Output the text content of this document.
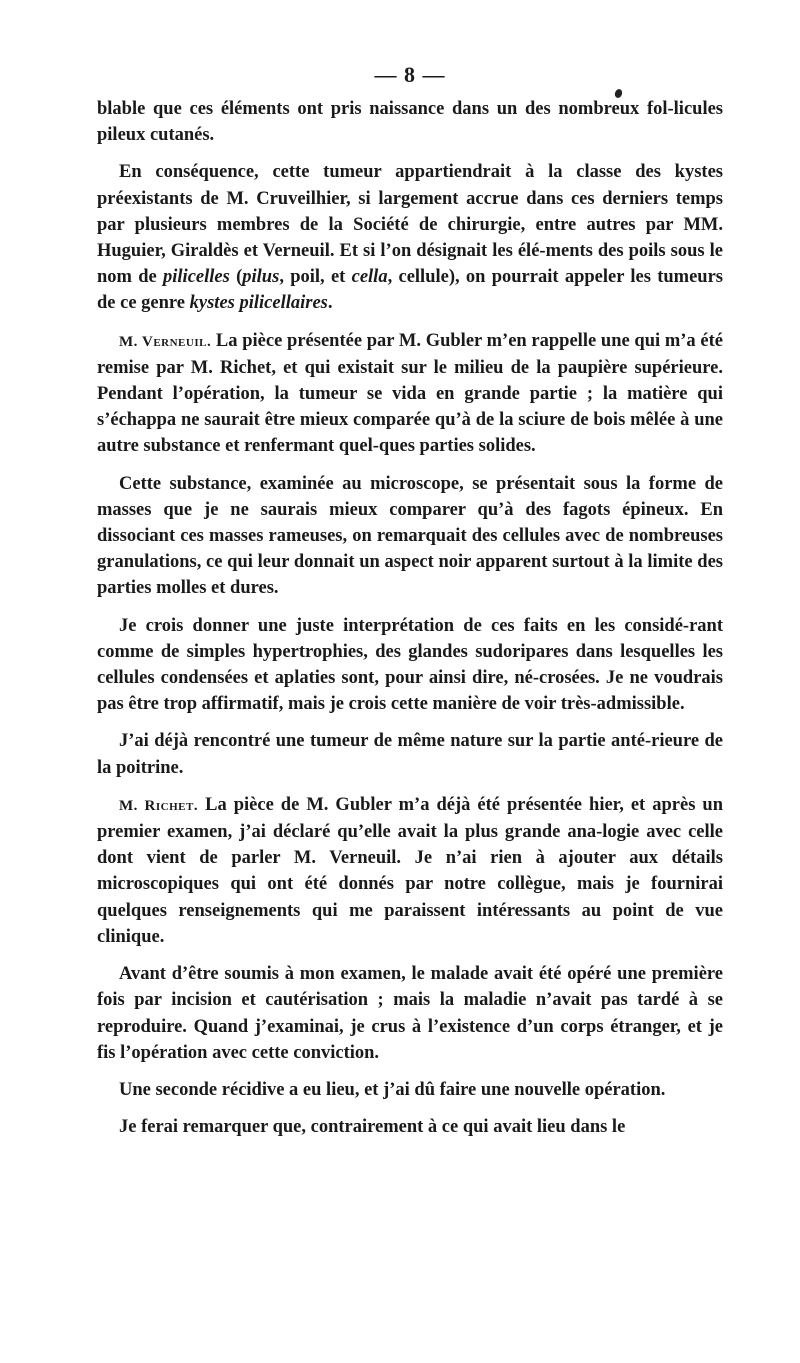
— 8 —

blable que ces éléments ont pris naissance dans un des nombreux fol-licules pileux cutanés.

En conséquence, cette tumeur appartiendrait à la classe des kystes préexistants de M. Cruveilhier, si largement accrue dans ces derniers temps par plusieurs membres de la Société de chirurgie, entre autres par MM. Huguier, Giraldès et Verneuil. Et si l’on désignait les élé-ments des poils sous le nom de pilicelles (pilus, poil, et cella, cellule), on pourrait appeler les tumeurs de ce genre kystes pilicellaires.

M. Verneuil. La pièce présentée par M. Gubler m’en rappelle une qui m’a été remise par M. Richet, et qui existait sur le milieu de la paupière supérieure. Pendant l’opération, la tumeur se vida en grande partie ; la matière qui s’échappa ne saurait être mieux comparée qu’à de la sciure de bois mêlée à une autre substance et renfermant quel-ques parties solides.

Cette substance, examinée au microscope, se présentait sous la forme de masses que je ne saurais mieux comparer qu’à des fagots épineux. En dissociant ces masses rameuses, on remarquait des cellules avec de nombreuses granulations, ce qui leur donnait un aspect noir apparent surtout à la limite des parties molles et dures.

Je crois donner une juste interprétation de ces faits en les considé-rant comme de simples hypertrophies, des glandes sudoripares dans lesquelles les cellules condensées et aplaties sont, pour ainsi dire, né-crosées. Je ne voudrais pas être trop affirmatif, mais je crois cette manière de voir très-admissible.

J’ai déjà rencontré une tumeur de même nature sur la partie anté-rieure de la poitrine.

M. Richet. La pièce de M. Gubler m’a déjà été présentée hier, et après un premier examen, j’ai déclaré qu’elle avait la plus grande ana-logie avec celle dont vient de parler M. Verneuil. Je n’ai rien à ajouter aux détails microscopiques qui ont été donnés par notre collègue, mais je fournirai quelques renseignements qui me paraissent intéressants au point de vue clinique.

Avant d’être soumis à mon examen, le malade avait été opéré une première fois par incision et cautérisation ; mais la maladie n’avait pas tardé à se reproduire. Quand j’examinai, je crus à l’existence d’un corps étranger, et je fis l’opération avec cette conviction.

Une seconde récidive a eu lieu, et j’ai dû faire une nouvelle opération.

Je ferai remarquer que, contrairement à ce qui avait lieu dans le
